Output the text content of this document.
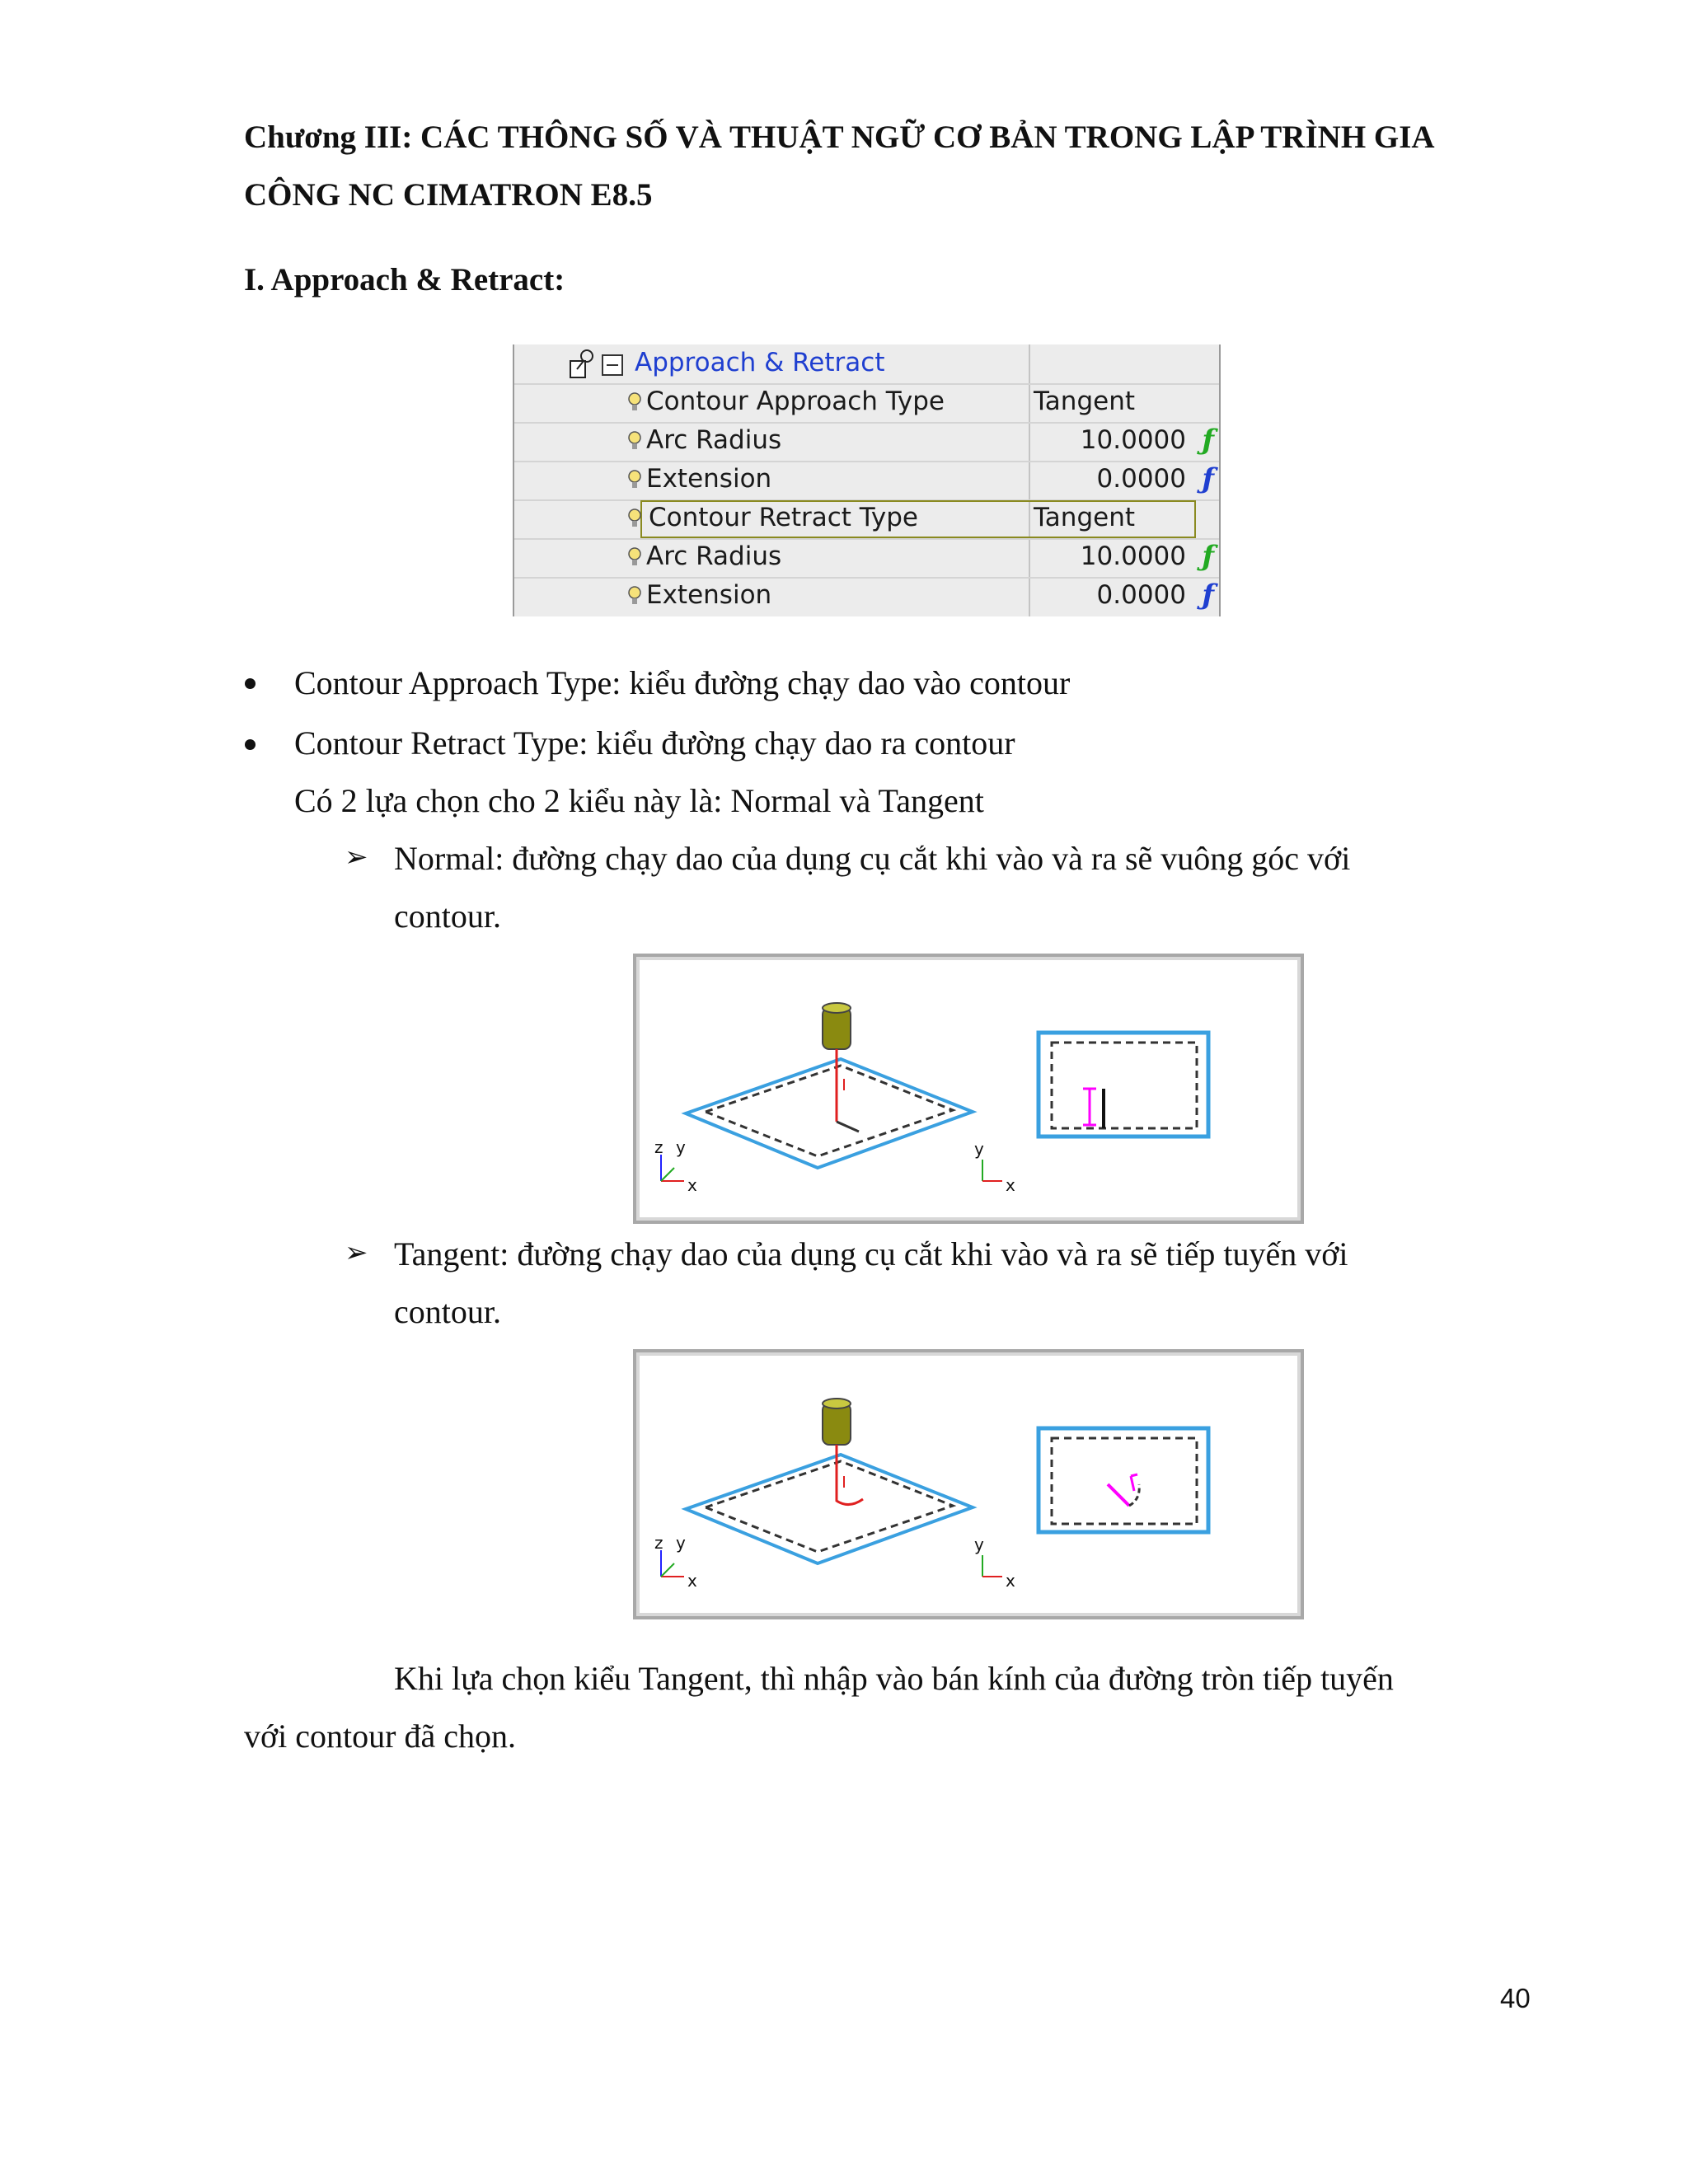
Chương III: CÁC THÔNG SỐ VÀ THUẬT NGỮ CƠ BẢN TRONG LẬP TRÌNH GIA CÔNG NC CIMATRON E8.5
I. Approach & Retract:
Approach & Retract
Contour Approach Type	Tangent
Arc Radius	10.0000 ƒ
Extension	0.0000 ƒ
Contour Retract Type	Tangent
Arc Radius	10.0000 ƒ
Extension	0.0000 ƒ
Contour Approach Type: kiểu đường chạy dao vào contour
Contour Retract Type: kiểu đường chạy dao ra contour
Có 2 lựa chọn cho 2 kiểu này là: Normal và Tangent
➢ Normal: đường chạy dao của dụng cụ cắt khi vào và ra sẽ vuông góc với
contour.
z y
x
y
x
➢ Tangent: đường chạy dao của dụng cụ cắt khi vào và ra sẽ tiếp tuyến với
contour.
z y
x
y
x
Khi lựa chọn kiểu Tangent, thì nhập vào bán kính của đường tròn tiếp tuyến
với contour đã chọn.
40
